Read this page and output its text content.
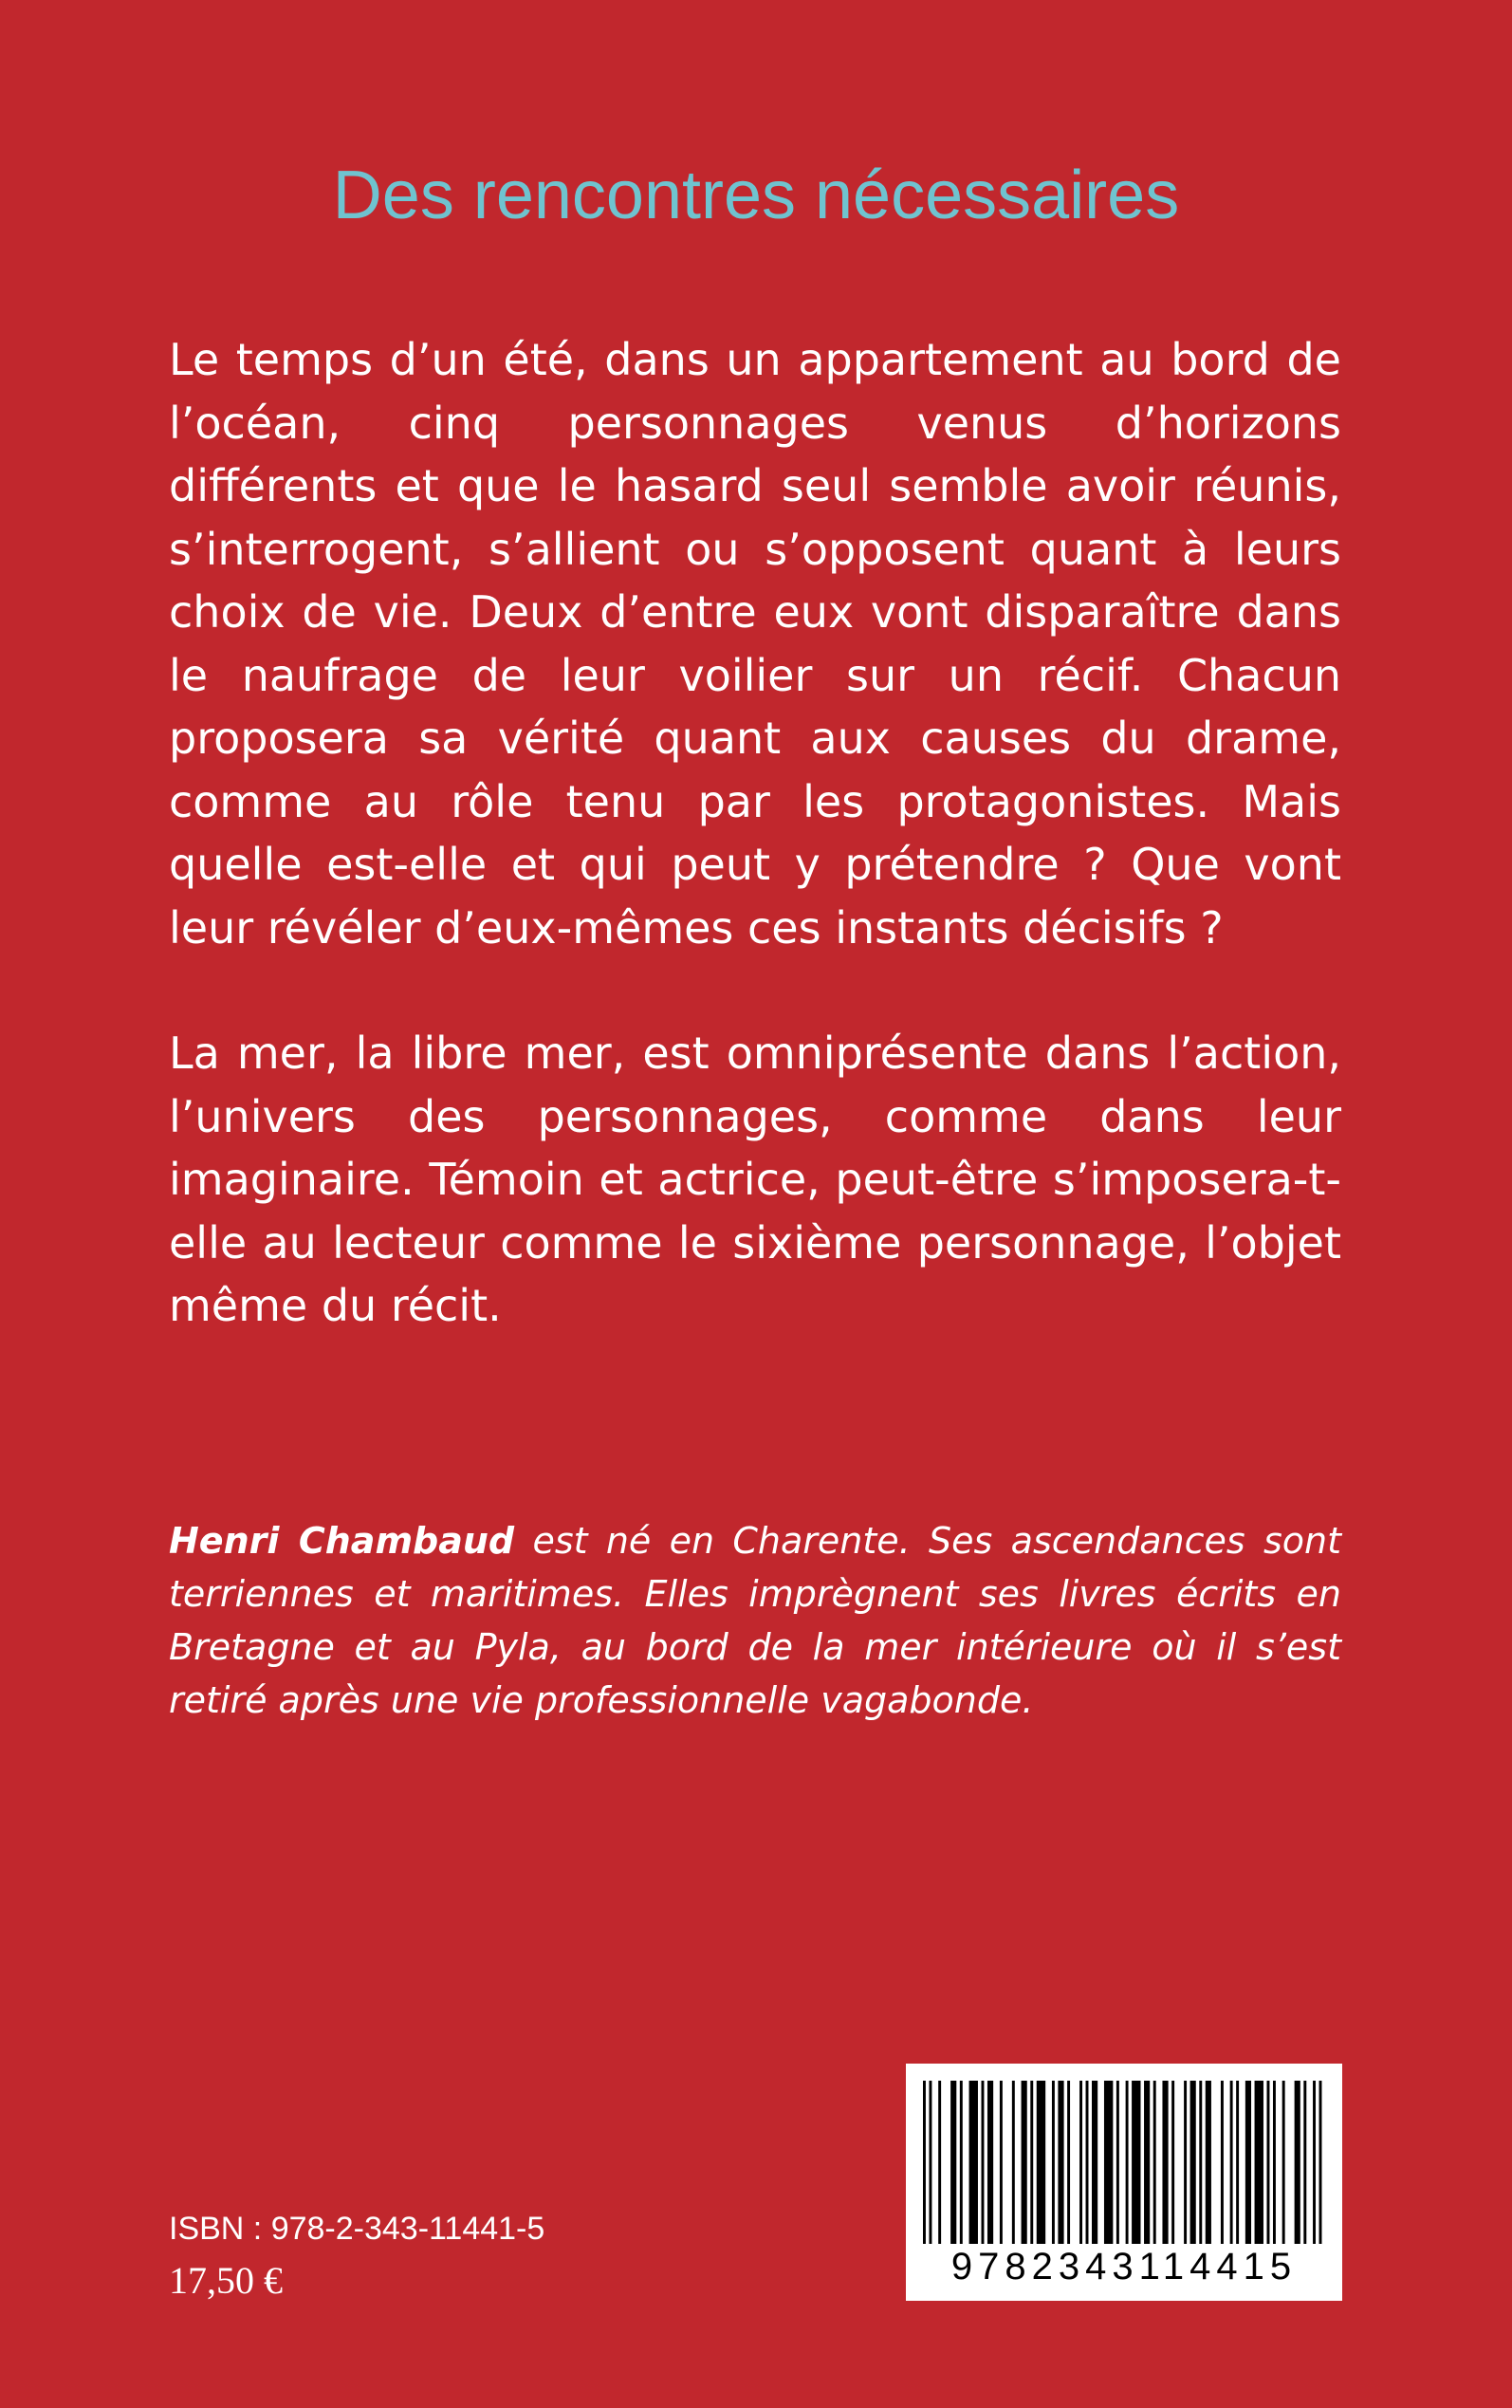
Des rencontres nécessaires

Le temps d’un été, dans un appartement au bord de l’océan, cinq personnages venus d’horizons différents et que le hasard seul semble avoir réunis, s’interrogent, s’allient ou s’opposent quant à leurs choix de vie. Deux d’entre eux vont disparaître dans le naufrage de leur voilier sur un récif. Chacun proposera sa vérité quant aux causes du drame, comme au rôle tenu par les protagonistes. Mais quelle est-elle et qui peut y prétendre ? Que vont leur révéler d’eux-mêmes ces instants décisifs ?

La mer, la libre mer, est omniprésente dans l’action, l’univers des personnages, comme dans leur imaginaire. Témoin et actrice, peut-être s’imposera-t-elle au lecteur comme le sixième personnage, l’objet même du récit.

Henri Chambaud est né en Charente. Ses ascendances sont terriennes et maritimes. Elles imprègnent ses livres écrits en Bretagne et au Pyla, au bord de la mer intérieure où il s’est retiré après une vie professionnelle vagabonde.

ISBN : 978-2-343-11441-5
17,50 €	9782343114415
